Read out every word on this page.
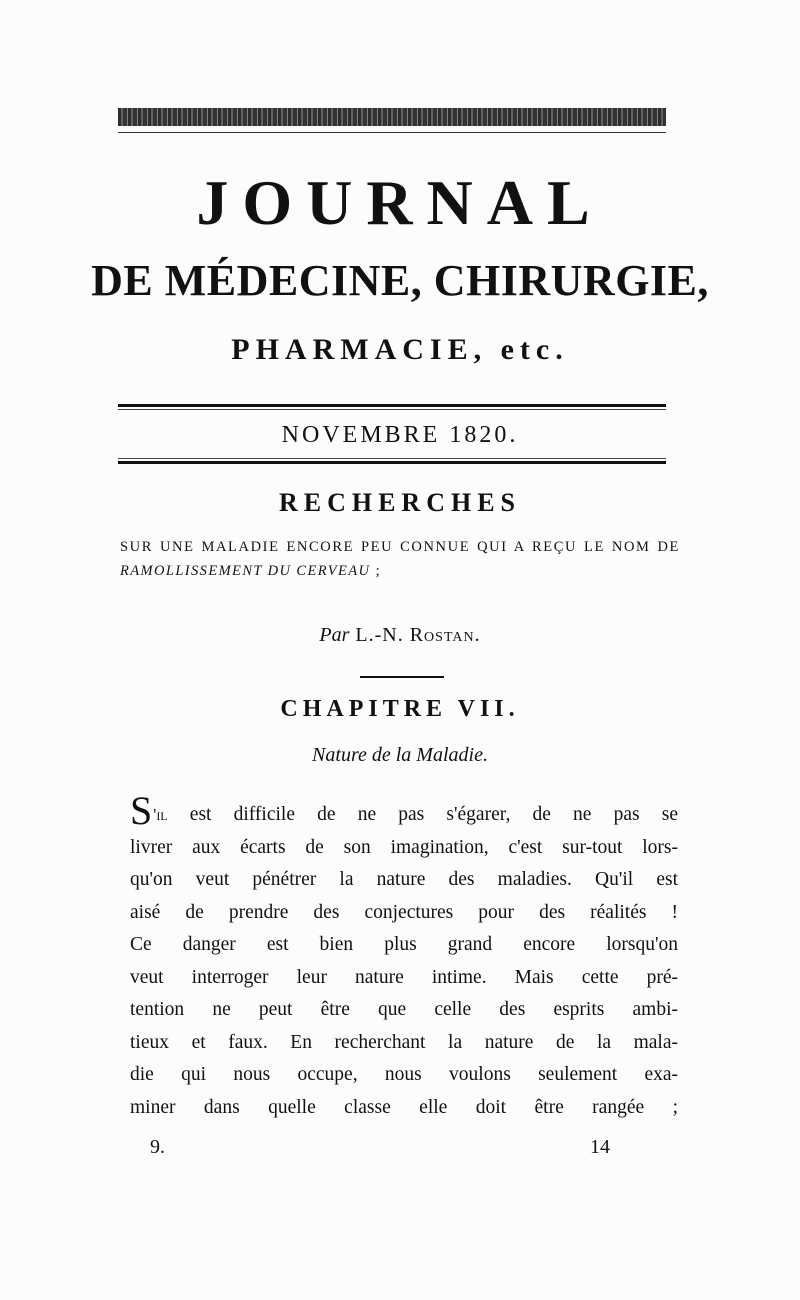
JOURNAL
DE MÉDECINE, CHIRURGIE,
PHARMACIE, etc.

NOVEMBRE 1820.

RECHERCHES

SUR UNE MALADIE ENCORE PEU CONNUE QUI A REÇU LE NOM DE RAMOLLISSEMENT DU CERVEAU ;

Par L.-N. Rostan.

CHAPITRE VII.

Nature de la Maladie.

S'il est difficile de ne pas s'égarer, de ne pas se
livrer aux écarts de son imagination, c'est sur-tout lors-
qu'on veut pénétrer la nature des maladies. Qu'il est
aisé de prendre des conjectures pour des réalités !
Ce danger est bien plus grand encore lorsqu'on
veut interroger leur nature intime. Mais cette pré-
tention ne peut être que celle des esprits ambi-
tieux et faux. En recherchant la nature de la mala-
die qui nous occupe, nous voulons seulement exa-
miner dans quelle classe elle doit être rangée ;

9.	14
